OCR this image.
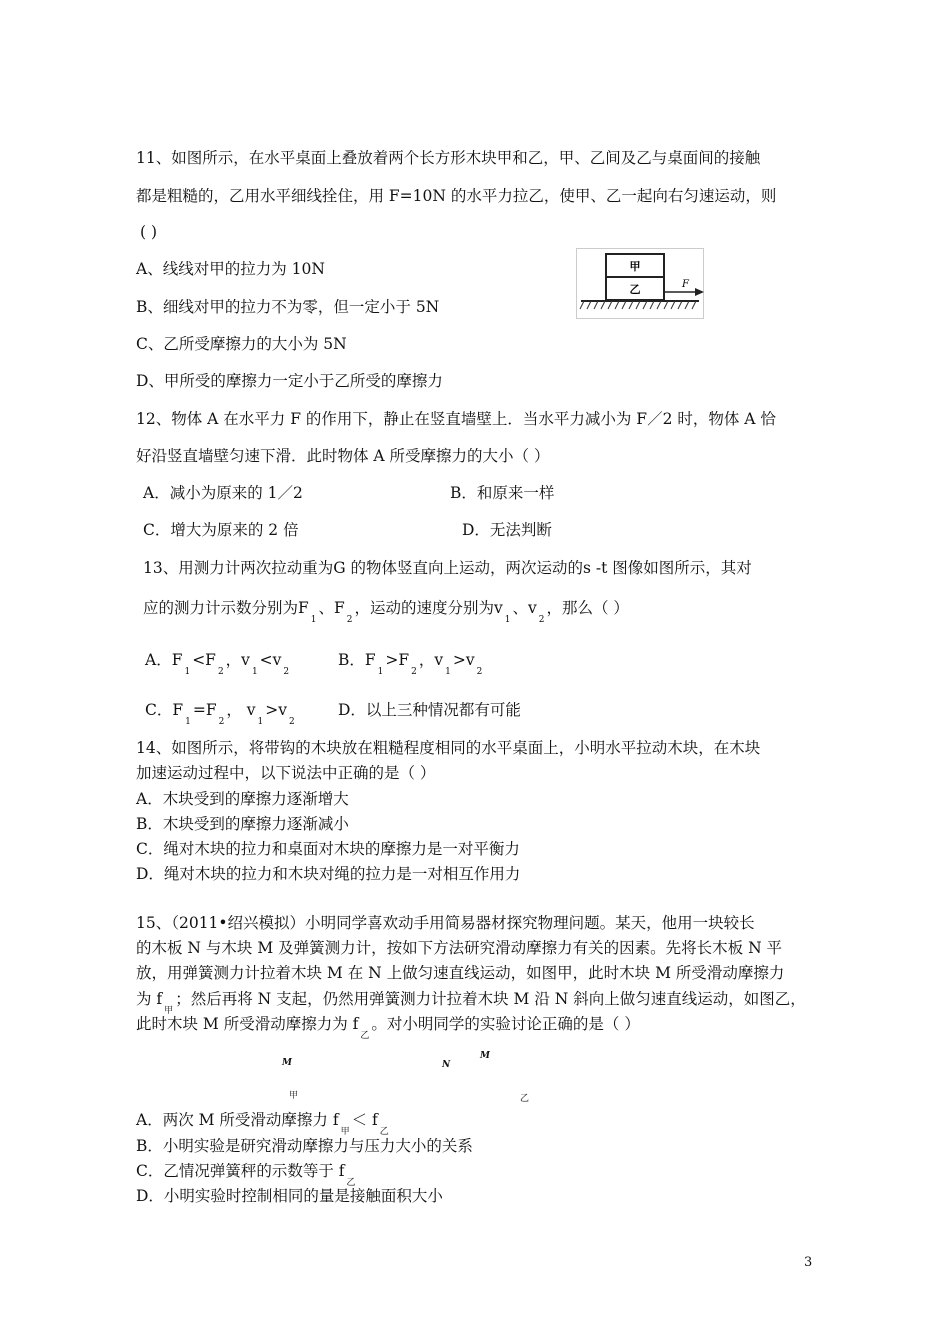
11、如图所示，在水平桌面上叠放着两个长方形木块甲和乙，甲、乙间及乙与桌面间的接触
都是粗糙的，乙用水平细线拴住，用 F=10N 的水平力拉乙，使甲、乙一起向右匀速运动，则
( )
A、线线对甲的拉力为 10N
B、细线对甲的拉力不为零，但一定小于 5N
C、乙所受摩擦力的大小为 5N
D、甲所受的摩擦力一定小于乙所受的摩擦力
甲
乙	F
12、物体 A 在水平力 F 的作用下，静止在竖直墙壁上．当水平力减小为 F／2 时，物体 A 恰
好沿竖直墙壁匀速下滑．此时物体 A 所受摩擦力的大小（ ）
A．减小为原来的 1／2	B．和原来一样
C．增大为原来的 2 倍	D．无法判断
13、用测力计两次拉动重为G 的物体竖直向上运动，两次运动的s -t 图像如图所示，其对
应的测力计示数分别为$F_1$、$F_2$，运动的速度分别为$v_1$、$v_2$，那么（ ）
A．$F_1<F_2$，$v_1<v_2$
B．$F_1>F_2$，$v_1>v_2$
C．$F_1=F_2$， $v_1>v_2$
D．以上三种情况都有可能
14、如图所示，将带钩的木块放在粗糙程度相同的水平桌面上，小明水平拉动木块，在木块
加速运动过程中，以下说法中正确的是（ ）
A．木块受到的摩擦力逐渐增大
B．木块受到的摩擦力逐渐减小
C．绳对木块的拉力和桌面对木块的摩擦力是一对平衡力
D．绳对木块的拉力和木块对绳的拉力是一对相互作用力
15、（2011•绍兴模拟）小明同学喜欢动手用简易器材探究物理问题。某天，他用一块较长
的木板 N 与木块 M 及弹簧测力计，按如下方法研究滑动摩擦力有关的因素。先将长木板 N 平
放，用弹簧测力计拉着木块 M 在 N 上做匀速直线运动，如图甲，此时木块 M 所受滑动摩擦力
为 $f_甲$；然后再将 N 支起，仍然用弹簧测力计拉着木块 M 沿 N 斜向上做匀速直线运动，如图乙，
此时木块 M 所受滑动摩擦力为 $f_乙$。对小明同学的实验讨论正确的是（ ）
M	N
M
甲	乙
A．两次 M 所受滑动摩擦力 $f_甲< f_乙$
B．小明实验是研究滑动摩擦力与压力大小的关系
C．乙情况弹簧秤的示数等于 $f_乙$
D．小明实验时控制相同的量是接触面积大小
3
